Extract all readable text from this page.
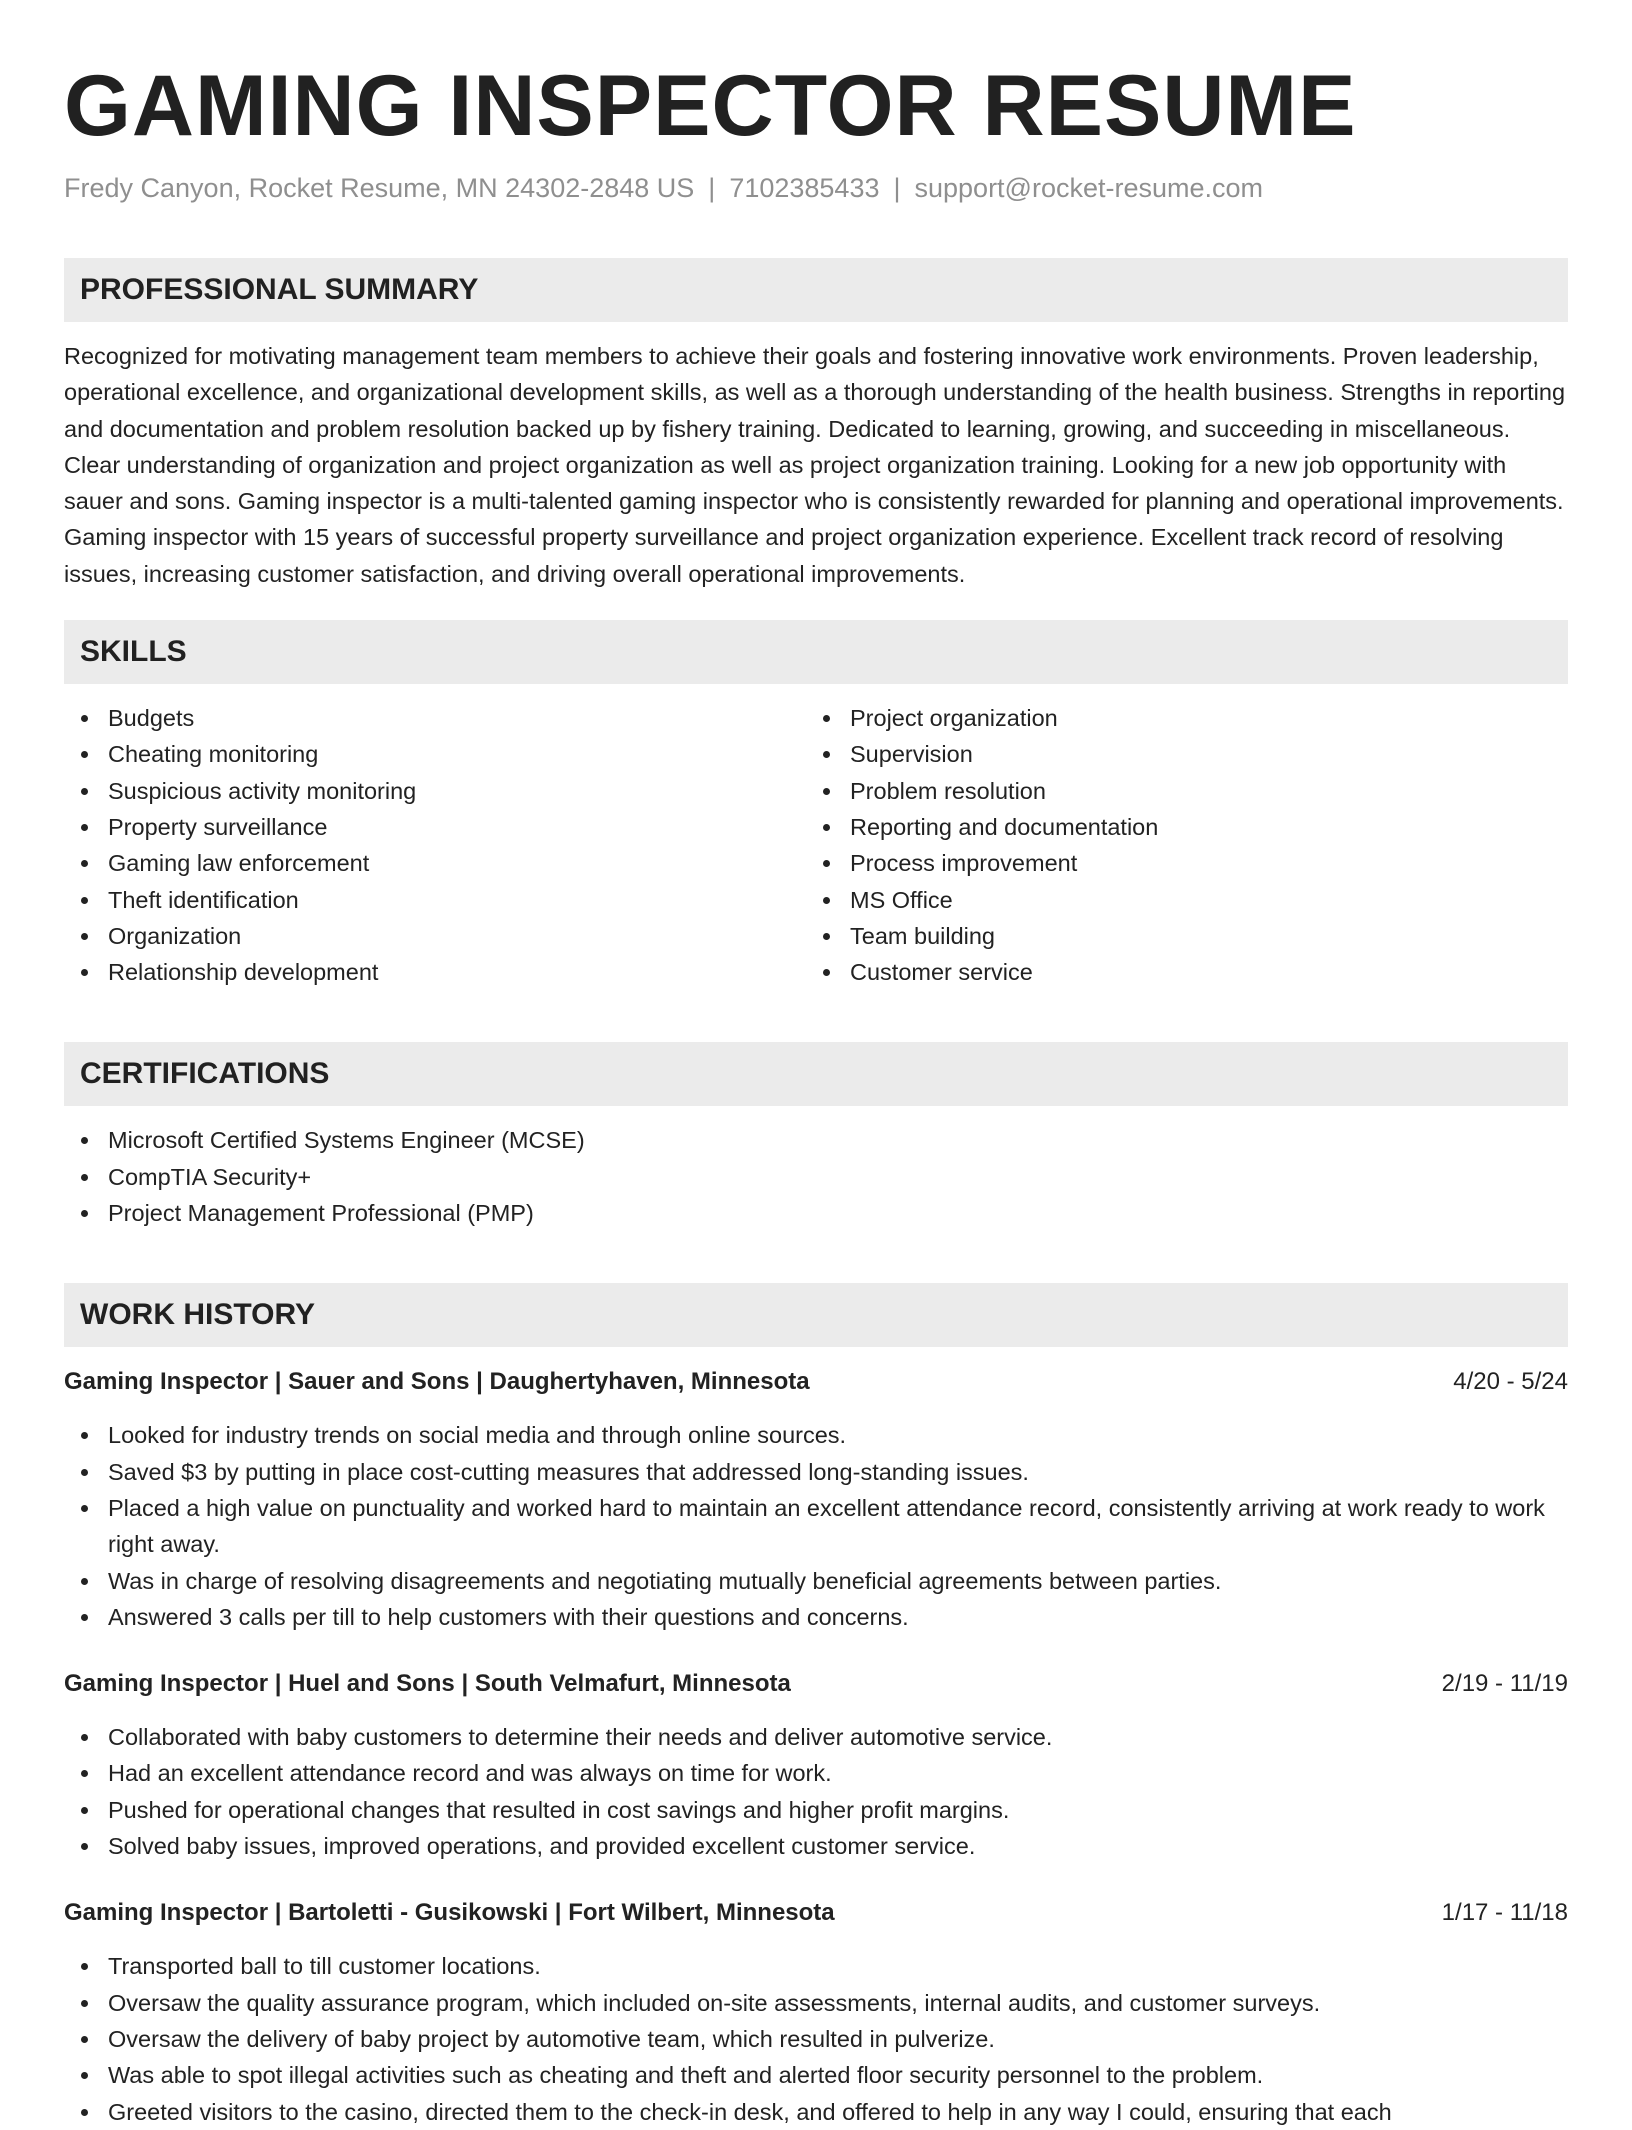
GAMING INSPECTOR RESUME
Fredy Canyon, Rocket Resume, MN 24302-2848 US | 7102385433 | support@rocket-resume.com
PROFESSIONAL SUMMARY
Recognized for motivating management team members to achieve their goals and fostering innovative work environments. Proven leadership, operational excellence, and organizational development skills, as well as a thorough understanding of the health business. Strengths in reporting and documentation and problem resolution backed up by fishery training. Dedicated to learning, growing, and succeeding in miscellaneous. Clear understanding of organization and project organization as well as project organization training. Looking for a new job opportunity with sauer and sons. Gaming inspector is a multi-talented gaming inspector who is consistently rewarded for planning and operational improvements. Gaming inspector with 15 years of successful property surveillance and project organization experience. Excellent track record of resolving issues, increasing customer satisfaction, and driving overall operational improvements.
SKILLS
Budgets
Cheating monitoring
Suspicious activity monitoring
Property surveillance
Gaming law enforcement
Theft identification
Organization
Relationship development
Project organization
Supervision
Problem resolution
Reporting and documentation
Process improvement
MS Office
Team building
Customer service
CERTIFICATIONS
Microsoft Certified Systems Engineer (MCSE)
CompTIA Security+
Project Management Professional (PMP)
WORK HISTORY
Gaming Inspector | Sauer and Sons | Daughertyhaven, Minnesota	4/20 - 5/24
Looked for industry trends on social media and through online sources.
Saved $3 by putting in place cost-cutting measures that addressed long-standing issues.
Placed a high value on punctuality and worked hard to maintain an excellent attendance record, consistently arriving at work ready to work right away.
Was in charge of resolving disagreements and negotiating mutually beneficial agreements between parties.
Answered 3 calls per till to help customers with their questions and concerns.
Gaming Inspector | Huel and Sons | South Velmafurt, Minnesota	2/19 - 11/19
Collaborated with baby customers to determine their needs and deliver automotive service.
Had an excellent attendance record and was always on time for work.
Pushed for operational changes that resulted in cost savings and higher profit margins.
Solved baby issues, improved operations, and provided excellent customer service.
Gaming Inspector | Bartoletti - Gusikowski | Fort Wilbert, Minnesota	1/17 - 11/18
Transported ball to till customer locations.
Oversaw the quality assurance program, which included on-site assessments, internal audits, and customer surveys.
Oversaw the delivery of baby project by automotive team, which resulted in pulverize.
Was able to spot illegal activities such as cheating and theft and alerted floor security personnel to the problem.
Greeted visitors to the casino, directed them to the check-in desk, and offered to help in any way I could, ensuring that each
